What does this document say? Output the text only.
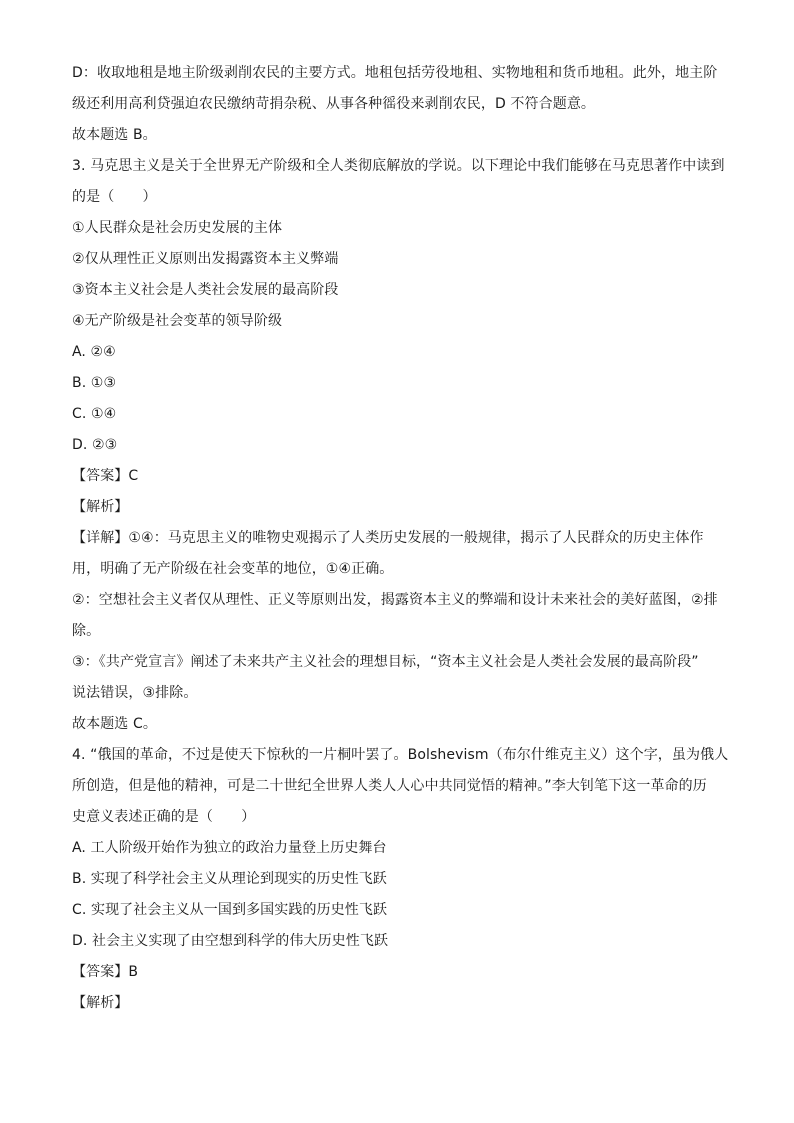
D：收取地租是地主阶级剥削农民的主要方式。地租包括劳役地租、实物地租和货币地租。此外，地主阶
级还利用高利贷强迫农民缴纳苛捐杂税、从事各种徭役来剥削农民，D 不符合题意。
故本题选 B。
3. 马克思主义是关于全世界无产阶级和全人类彻底解放的学说。以下理论中我们能够在马克思著作中读到
的是（　　）
①人民群众是社会历史发展的主体
②仅从理性正义原则出发揭露资本主义弊端
③资本主义社会是人类社会发展的最高阶段
④无产阶级是社会变革的领导阶级
A. ②④
B. ①③
C. ①④
D. ②③
【答案】C
【解析】
【详解】①④：马克思主义的唯物史观揭示了人类历史发展的一般规律，揭示了人民群众的历史主体作
用，明确了无产阶级在社会变革的地位，①④正确。
②：空想社会主义者仅从理性、正义等原则出发，揭露资本主义的弊端和设计未来社会的美好蓝图，②排
除。
③：《共产党宣言》阐述了未来共产主义社会的理想目标，“资本主义社会是人类社会发展的最高阶段”
说法错误，③排除。
故本题选 C。
4. “俄国的革命，不过是使天下惊秋的一片桐叶罢了。Bolshevism（布尔什维克主义）这个字，虽为俄人
所创造，但是他的精神，可是二十世纪全世界人类人人心中共同觉悟的精神。”李大钊笔下这一革命的历
史意义表述正确的是（　　）
A. 工人阶级开始作为独立的政治力量登上历史舞台
B. 实现了科学社会主义从理论到现实的历史性飞跃
C. 实现了社会主义从一国到多国实践的历史性飞跃
D. 社会主义实现了由空想到科学的伟大历史性飞跃
【答案】B
【解析】
